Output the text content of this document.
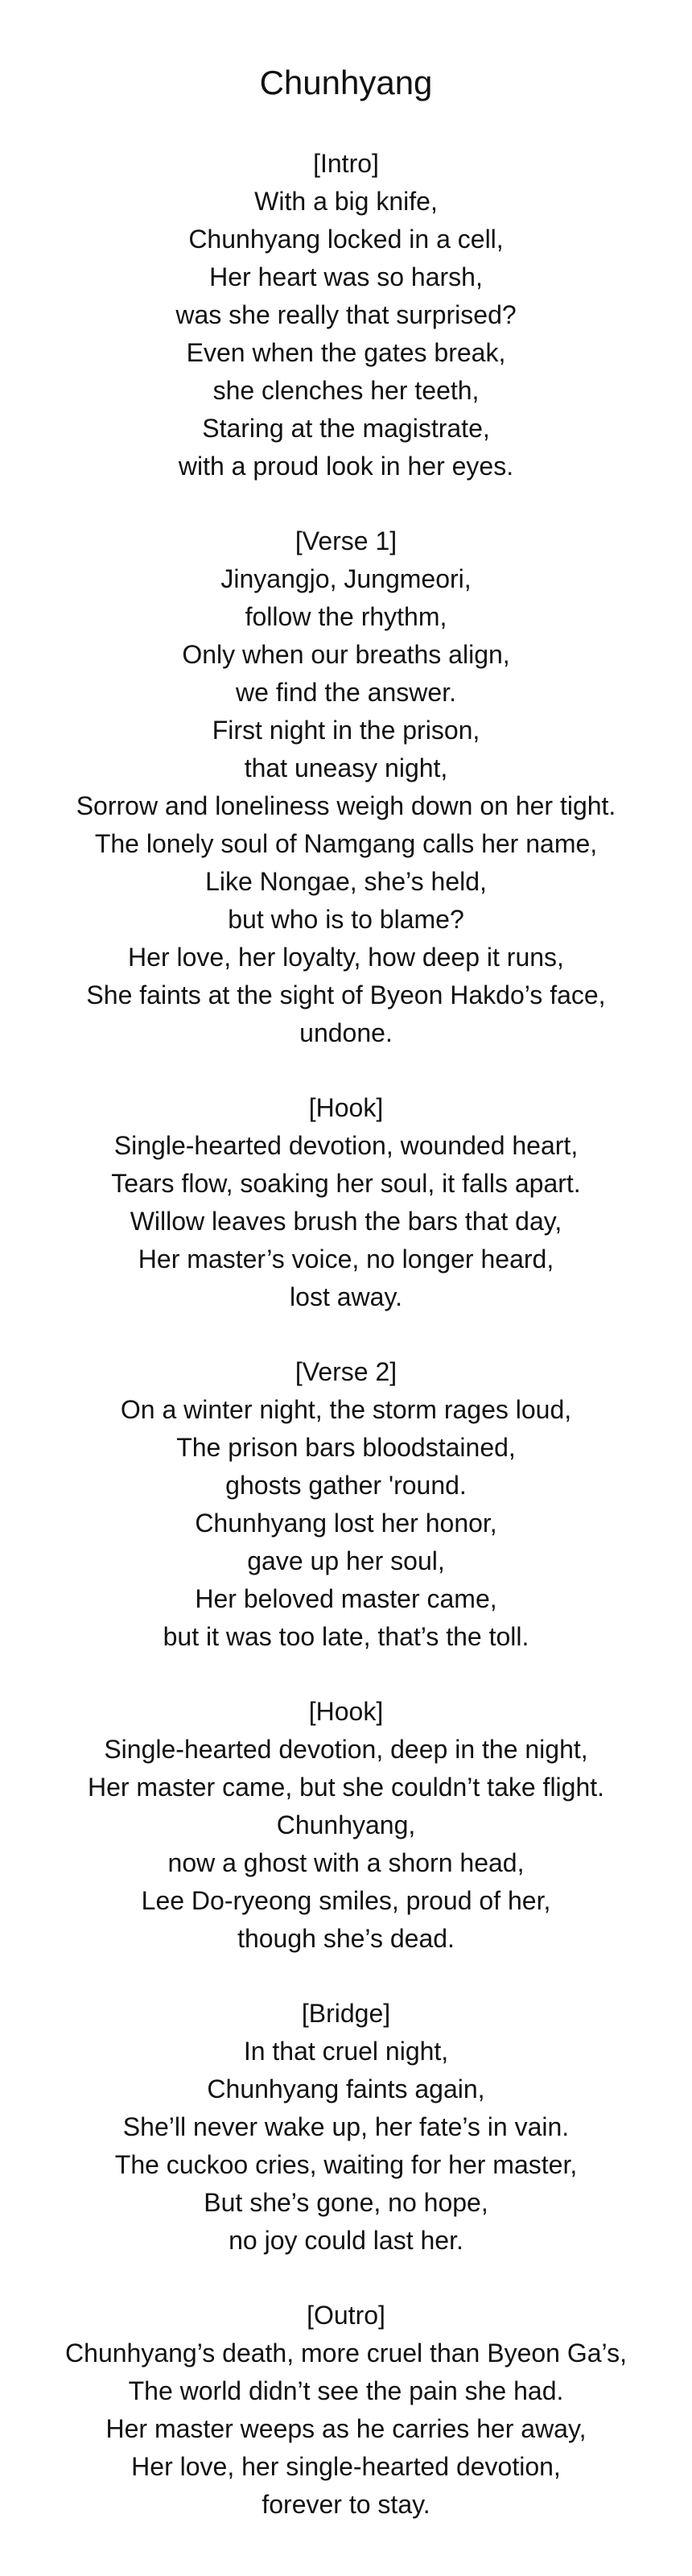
Chunhyang
[Intro]
With a big knife,
Chunhyang locked in a cell,
Her heart was so harsh,
was she really that surprised?
Even when the gates break,
she clenches her teeth,
Staring at the magistrate,
with a proud look in her eyes.
[Verse 1]
Jinyangjo, Jungmeori,
follow the rhythm,
Only when our breaths align,
we find the answer.
First night in the prison,
that uneasy night,
Sorrow and loneliness weigh down on her tight.
The lonely soul of Namgang calls her name,
Like Nongae, she’s held,
but who is to blame?
Her love, her loyalty, how deep it runs,
She faints at the sight of Byeon Hakdo’s face,
undone.
[Hook]
Single-hearted devotion, wounded heart,
Tears flow, soaking her soul, it falls apart.
Willow leaves brush the bars that day,
Her master’s voice, no longer heard,
lost away.
[Verse 2]
On a winter night, the storm rages loud,
The prison bars bloodstained,
ghosts gather 'round.
Chunhyang lost her honor,
gave up her soul,
Her beloved master came,
but it was too late, that’s the toll.
[Hook]
Single-hearted devotion, deep in the night,
Her master came, but she couldn’t take flight.
Chunhyang,
now a ghost with a shorn head,
Lee Do-ryeong smiles, proud of her,
though she’s dead.
[Bridge]
In that cruel night,
Chunhyang faints again,
She’ll never wake up, her fate’s in vain.
The cuckoo cries, waiting for her master,
But she’s gone, no hope,
no joy could last her.
[Outro]
Chunhyang’s death, more cruel than Byeon Ga’s,
The world didn’t see the pain she had.
Her master weeps as he carries her away,
Her love, her single-hearted devotion,
forever to stay.
